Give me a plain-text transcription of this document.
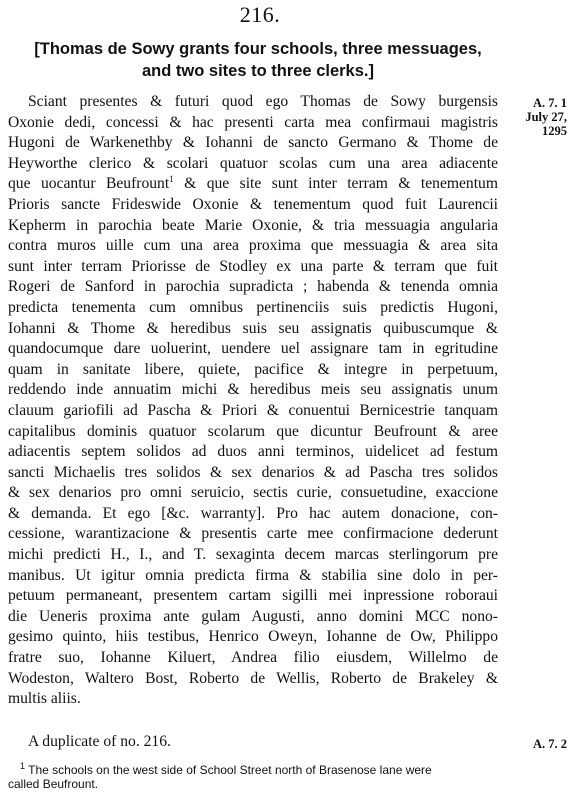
216.
[Thomas de Sowy grants four schools, three messuages,
and two sites to three clerks.]
A. 7. 1
July 27,
1295
Sciant presentes & futuri quod ego Thomas de Sowy burgensis
Oxonie dedi, concessi & hac presenti carta mea confirmaui magistris
Hugoni de Warkenethby & Iohanni de sancto Germano & Thome de
Heyworthe clerico & scolari quatuor scolas cum una area adiacente
que uocantur Beufrount$^1$ & que site sunt inter terram & tenementum
Prioris sancte Frideswide Oxonie & tenementum quod fuit Laurencii
Kepherm in parochia beate Marie Oxonie, & tria messuagia angularia
contra muros uille cum una area proxima que messuagia & area sita
sunt inter terram Priorisse de Stodley ex una parte & terram que fuit
Rogeri de Sanford in parochia supradicta ; habenda & tenenda omnia
predicta tenementa cum omnibus pertinenciis suis predictis Hugoni,
Iohanni & Thome & heredibus suis seu assignatis quibuscumque &
quandocumque dare uoluerint, uendere uel assignare tam in egritudine
quam in sanitate libere, quiete, pacifice & integre in perpetuum,
reddendo inde annuatim michi & heredibus meis seu assignatis unum
clauum gariofili ad Pascha & Priori & conuentui Bernicestrie tanquam
capitalibus dominis quatuor scolarum que dicuntur Beufrount & aree
adiacentis septem solidos ad duos anni terminos, uidelicet ad festum
sancti Michaelis tres solidos & sex denarios & ad Pascha tres solidos
& sex denarios pro omni seruicio, sectis curie, consuetudine, exaccione
& demanda. Et ego [&c. warranty]. Pro hac autem donacione, con-
cessione, warantizacione & presentis carte mee confirmacione dederunt
michi predicti H., I., and T. sexaginta decem marcas sterlingorum pre
manibus. Ut igitur omnia predicta firma & stabilia sine dolo in per-
petuum permaneant, presentem cartam sigilli mei inpressione roboraui
die Ueneris proxima ante gulam Augusti, anno domini MCC nono-
gesimo quinto, hiis testibus, Henrico Oweyn, Iohanne de Ow, Philippo
fratre suo, Iohanne Kiluert, Andrea filio eiusdem, Willelmo de
Wodeston, Waltero Bost, Roberto de Wellis, Roberto de Brakeley &
multis aliis.
A duplicate of no. 216.	A. 7. 2
$^1$ The schools on the west side of School Street north of Brasenose lane were
called Beufrount.
